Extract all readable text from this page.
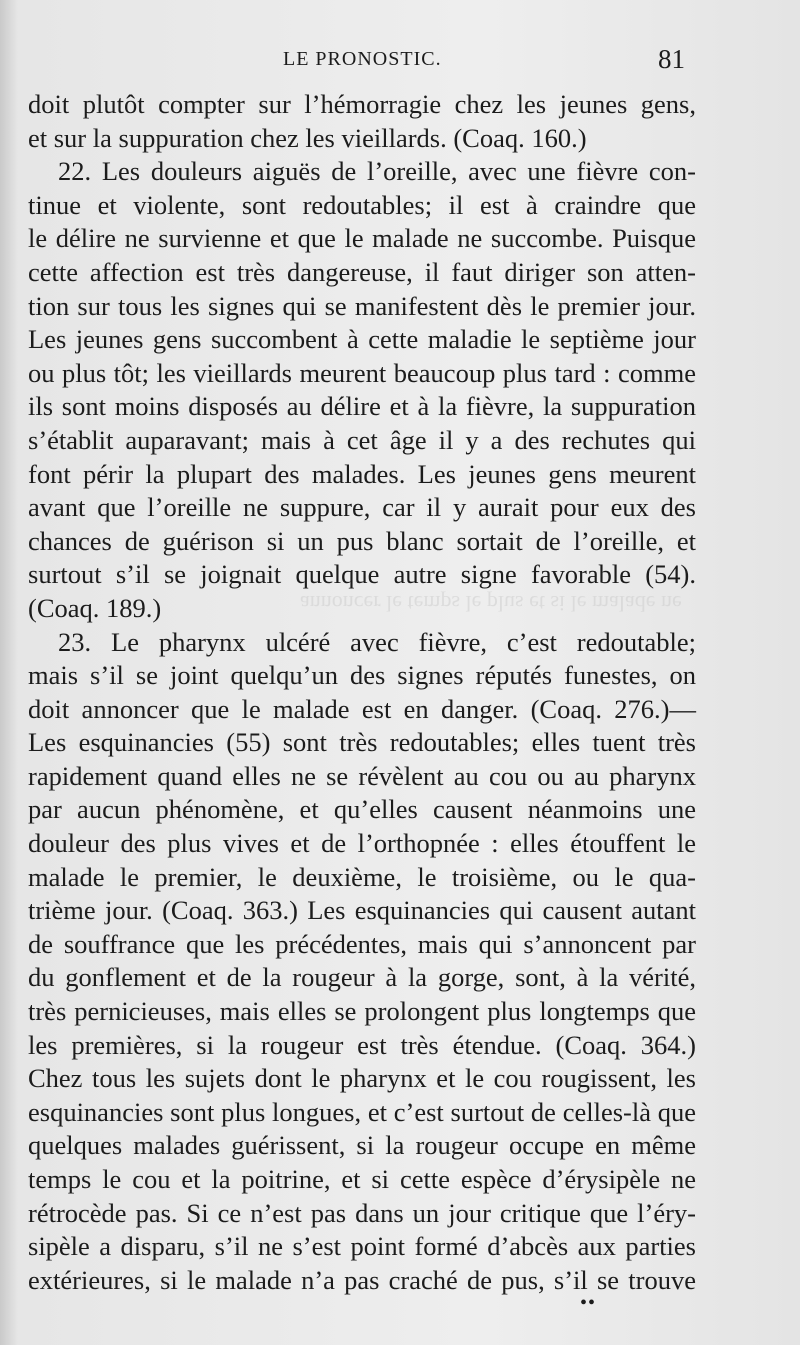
LE PRONOSTIC.	81
annoncer le temps le plus et si le malade ne
doit plutôt compter sur l’hémorragie chez les jeunes gens,
et sur la suppuration chez les vieillards. (Coaq. 160.)
22. Les douleurs aiguës de l’oreille, avec une fièvre con-
tinue et violente, sont redoutables; il est à craindre que
le délire ne survienne et que le malade ne succombe. Puisque
cette affection est très dangereuse, il faut diriger son atten-
tion sur tous les signes qui se manifestent dès le premier jour.
Les jeunes gens succombent à cette maladie le septième jour
ou plus tôt; les vieillards meurent beaucoup plus tard : comme
ils sont moins disposés au délire et à la fièvre, la suppuration
s’établit auparavant; mais à cet âge il y a des rechutes qui
font périr la plupart des malades. Les jeunes gens meurent
avant que l’oreille ne suppure, car il y aurait pour eux des
chances de guérison si un pus blanc sortait de l’oreille, et
surtout s’il se joignait quelque autre signe favorable (54).
(Coaq. 189.)
23. Le pharynx ulcéré avec fièvre, c’est redoutable;
mais s’il se joint quelqu’un des signes réputés funestes, on
doit annoncer que le malade est en danger. (Coaq. 276.)—
Les esquinancies (55) sont très redoutables; elles tuent très
rapidement quand elles ne se révèlent au cou ou au pharynx
par aucun phénomène, et qu’elles causent néanmoins une
douleur des plus vives et de l’orthopnée : elles étouffent le
malade le premier, le deuxième, le troisième, ou le qua-
trième jour. (Coaq. 363.) Les esquinancies qui causent autant
de souffrance que les précédentes, mais qui s’annoncent par
du gonflement et de la rougeur à la gorge, sont, à la vérité,
très pernicieuses, mais elles se prolongent plus longtemps que
les premières, si la rougeur est très étendue. (Coaq. 364.)
Chez tous les sujets dont le pharynx et le cou rougissent, les
esquinancies sont plus longues, et c’est surtout de celles-là que
quelques malades guérissent, si la rougeur occupe en même
temps le cou et la poitrine, et si cette espèce d’érysipèle ne
rétrocède pas. Si ce n’est pas dans un jour critique que l’éry-
sipèle a disparu, s’il ne s’est point formé d’abcès aux parties
extérieures, si le malade n’a pas craché de pus, s’il se trouve
••
